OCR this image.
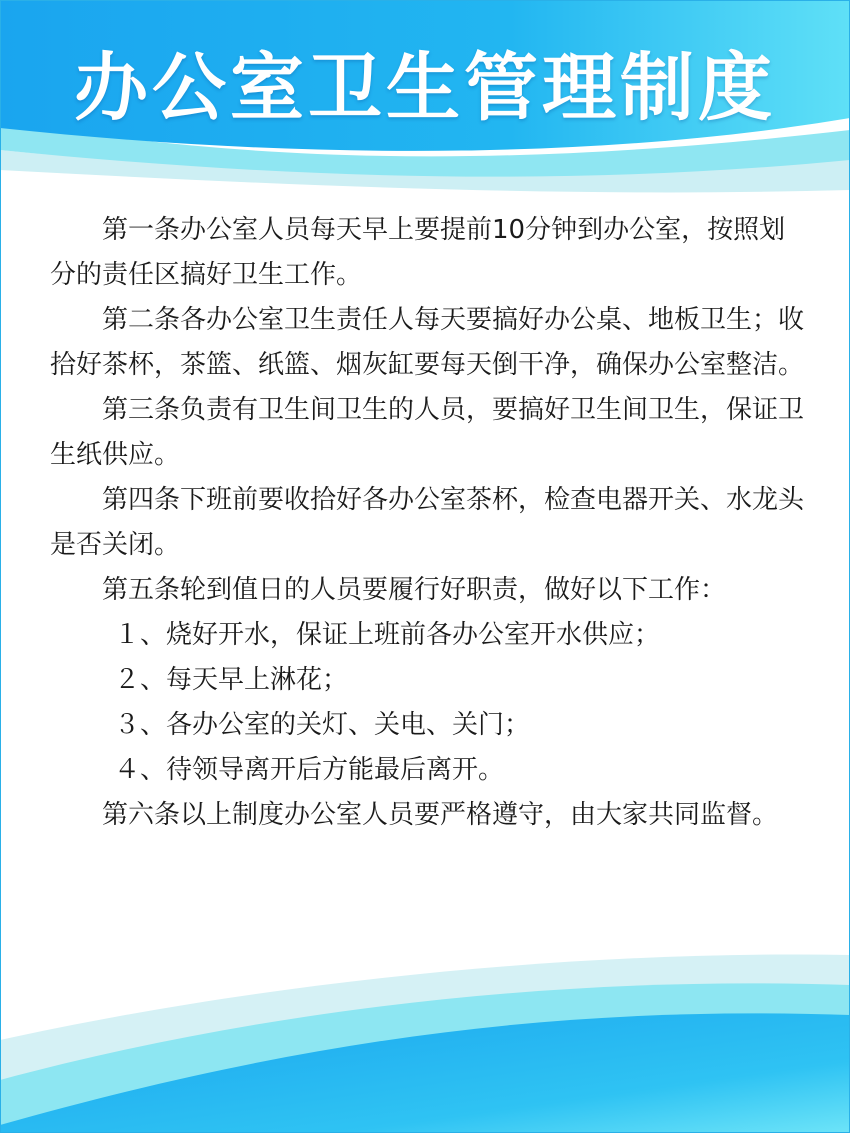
办公室卫生管理制度

第一条办公室人员每天早上要提前10分钟到办公室，按照划分的责任区搞好卫生工作。

第二条各办公室卫生责任人每天要搞好办公桌、地板卫生；收拾好茶杯，茶篮、纸篮、烟灰缸要每天倒干净，确保办公室整洁。

第三条负责有卫生间卫生的人员，要搞好卫生间卫生，保证卫生纸供应。

第四条下班前要收拾好各办公室茶杯，检查电器开关、水龙头是否关闭。

第五条轮到值日的人员要履行好职责，做好以下工作：

１、烧好开水，保证上班前各办公室开水供应；

２、每天早上淋花；

３、各办公室的关灯、关电、关门；

４、待领导离开后方能最后离开。

第六条以上制度办公室人员要严格遵守，由大家共同监督。
